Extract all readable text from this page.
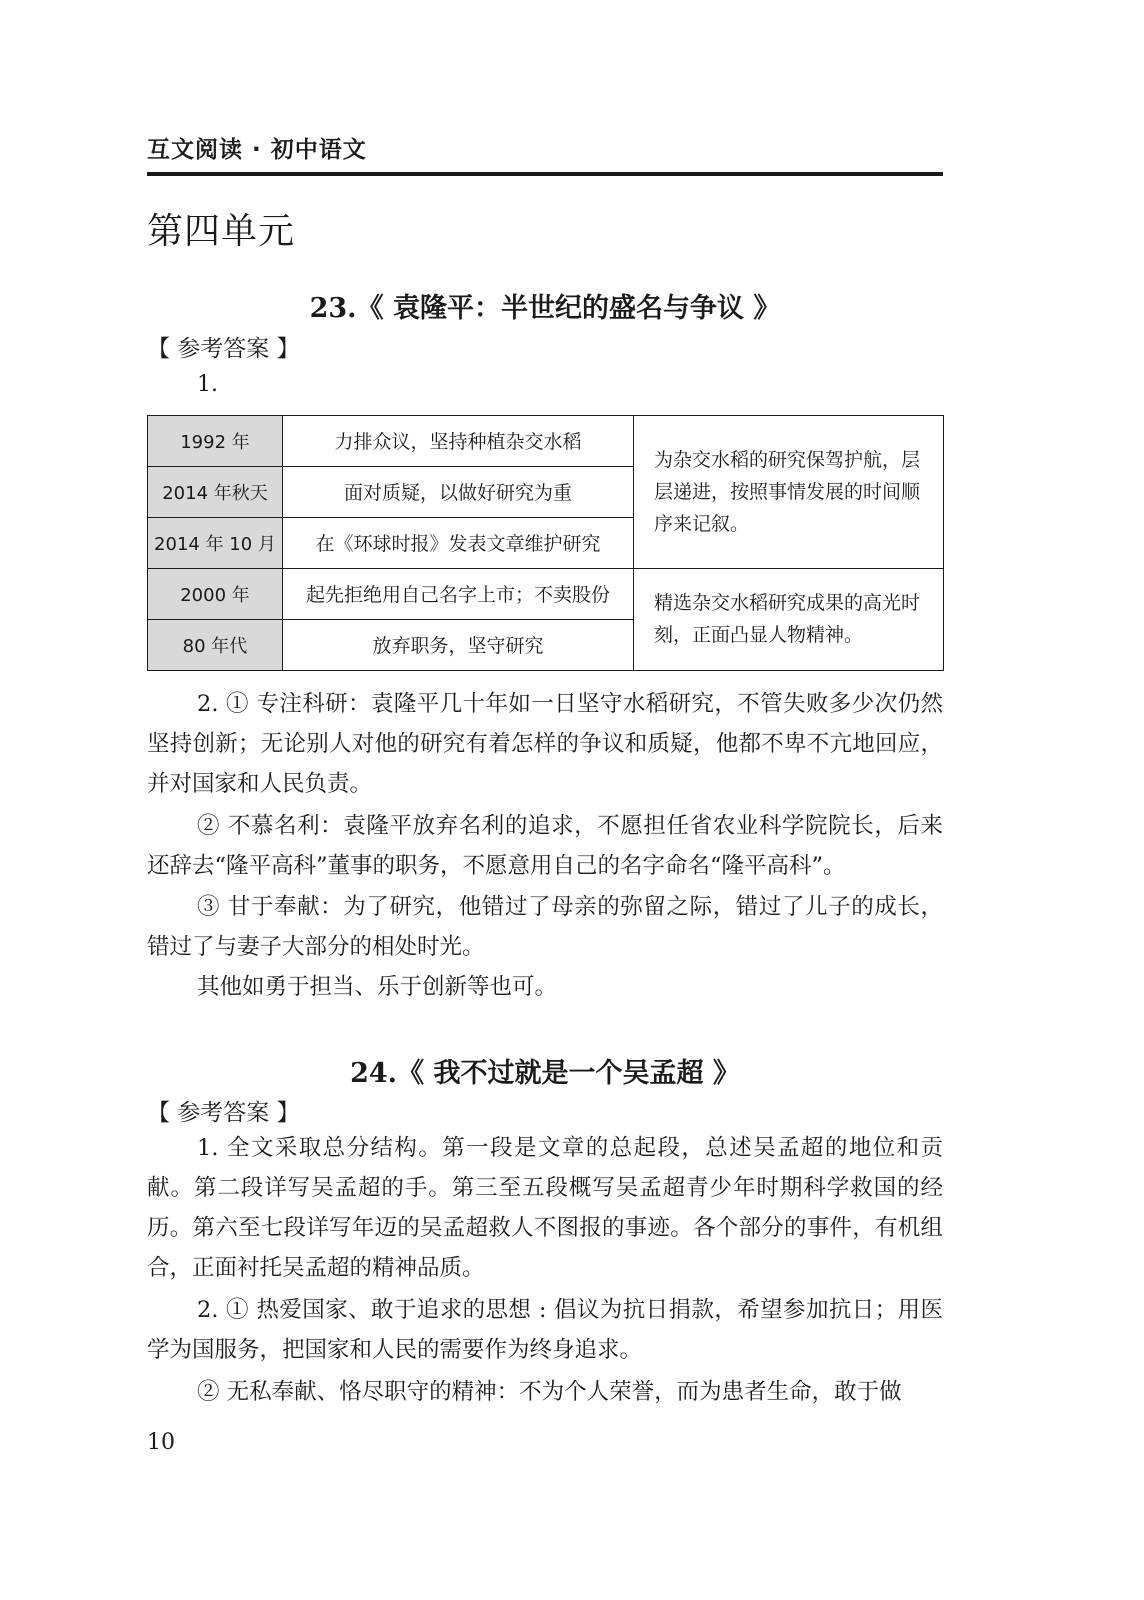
互文阅读 · 初中语文
第四单元
23.《 袁隆平：半世纪的盛名与争议 》
【 参考答案 】
1.
1992 年	力排众议，坚持种植杂交水稻	为杂交水稻的研究保驾护航，层层递进，按照事情发展的时间顺序来记叙。
2014 年秋天	面对质疑，以做好研究为重	
2014 年 10 月	在《环球时报》发表文章维护研究	
2000 年	起先拒绝用自己名字上市；不卖股份	精选杂交水稻研究成果的高光时刻，正面凸显人物精神。
80 年代	放弃职务，坚守研究	
2. ① 专注科研：袁隆平几十年如一日坚守水稻研究，不管失败多少次仍然坚持创新；无论别人对他的研究有着怎样的争议和质疑，他都不卑不亢地回应，并对国家和人民负责。
② 不慕名利：袁隆平放弃名利的追求，不愿担任省农业科学院院长，后来还辞去“隆平高科”董事的职务，不愿意用自己的名字命名“隆平高科”。
③ 甘于奉献：为了研究，他错过了母亲的弥留之际，错过了儿子的成长，错过了与妻子大部分的相处时光。
其他如勇于担当、乐于创新等也可。
24.《 我不过就是一个吴孟超 》
【 参考答案 】
1. 全文采取总分结构。第一段是文章的总起段，总述吴孟超的地位和贡献。第二段详写吴孟超的手。第三至五段概写吴孟超青少年时期科学救国的经历。第六至七段详写年迈的吴孟超救人不图报的事迹。各个部分的事件，有机组合，正面衬托吴孟超的精神品质。
2. ① 热爱国家、敢于追求的思想 : 倡议为抗日捐款，希望参加抗日；用医学为国服务，把国家和人民的需要作为终身追求。
② 无私奉献、恪尽职守的精神：不为个人荣誉，而为患者生命，敢于做
10
